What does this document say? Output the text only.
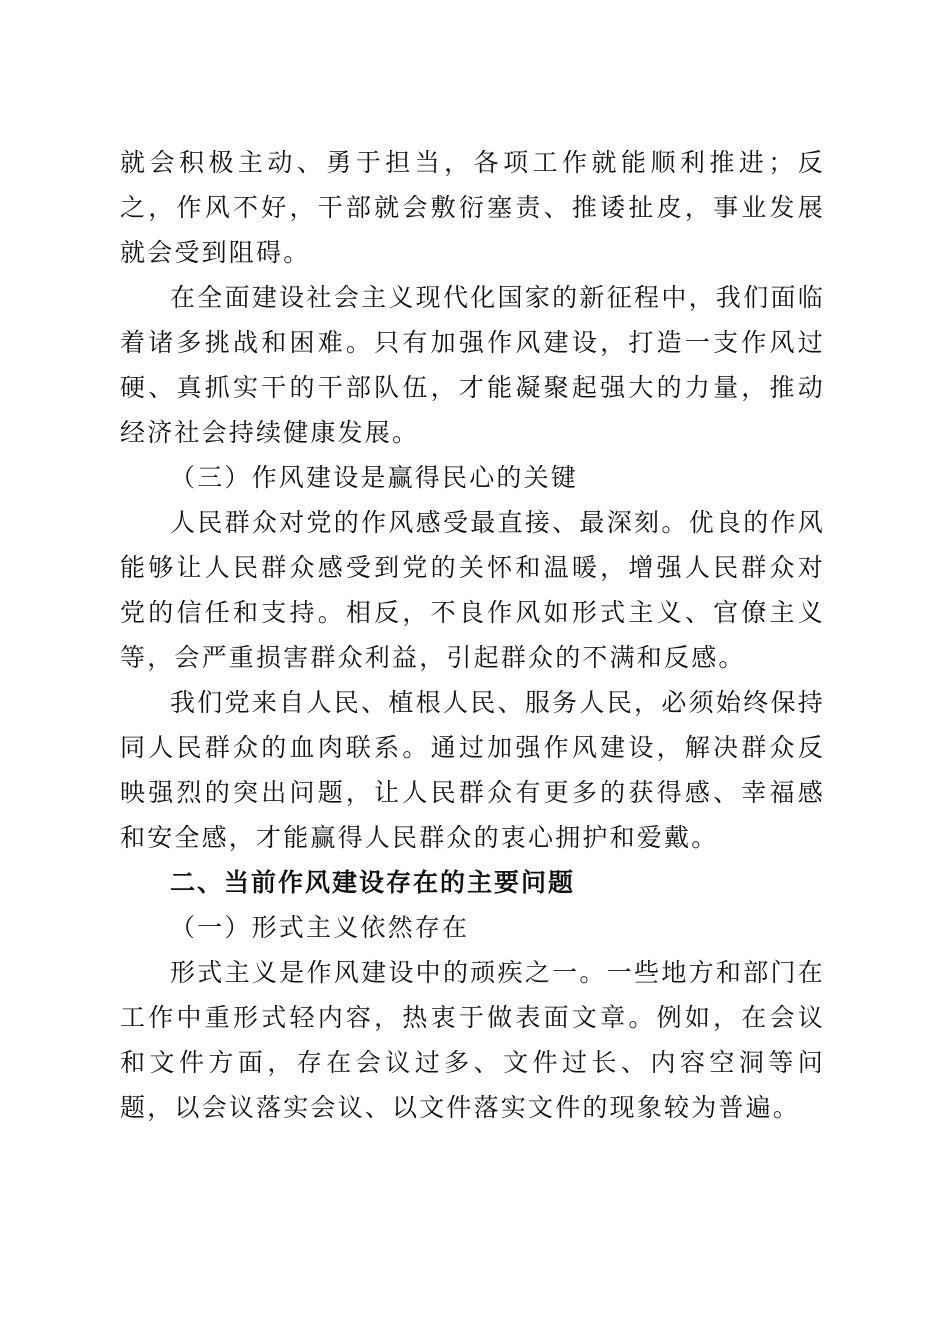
就会积极主动、勇于担当，各项工作就能顺利推进；反之，作风不好，干部就会敷衍塞责、推诿扯皮，事业发展就会受到阻碍。

在全面建设社会主义现代化国家的新征程中，我们面临着诸多挑战和困难。只有加强作风建设，打造一支作风过硬、真抓实干的干部队伍，才能凝聚起强大的力量，推动经济社会持续健康发展。

（三）作风建设是赢得民心的关键

人民群众对党的作风感受最直接、最深刻。优良的作风能够让人民群众感受到党的关怀和温暖，增强人民群众对党的信任和支持。相反，不良作风如形式主义、官僚主义等，会严重损害群众利益，引起群众的不满和反感。

我们党来自人民、植根人民、服务人民，必须始终保持同人民群众的血肉联系。通过加强作风建设，解决群众反映强烈的突出问题，让人民群众有更多的获得感、幸福感和安全感，才能赢得人民群众的衷心拥护和爱戴。

二、当前作风建设存在的主要问题

（一）形式主义依然存在

形式主义是作风建设中的顽疾之一。一些地方和部门在工作中重形式轻内容，热衷于做表面文章。例如，在会议和文件方面，存在会议过多、文件过长、内容空洞等问题，以会议落实会议、以文件落实文件的现象较为普遍。
